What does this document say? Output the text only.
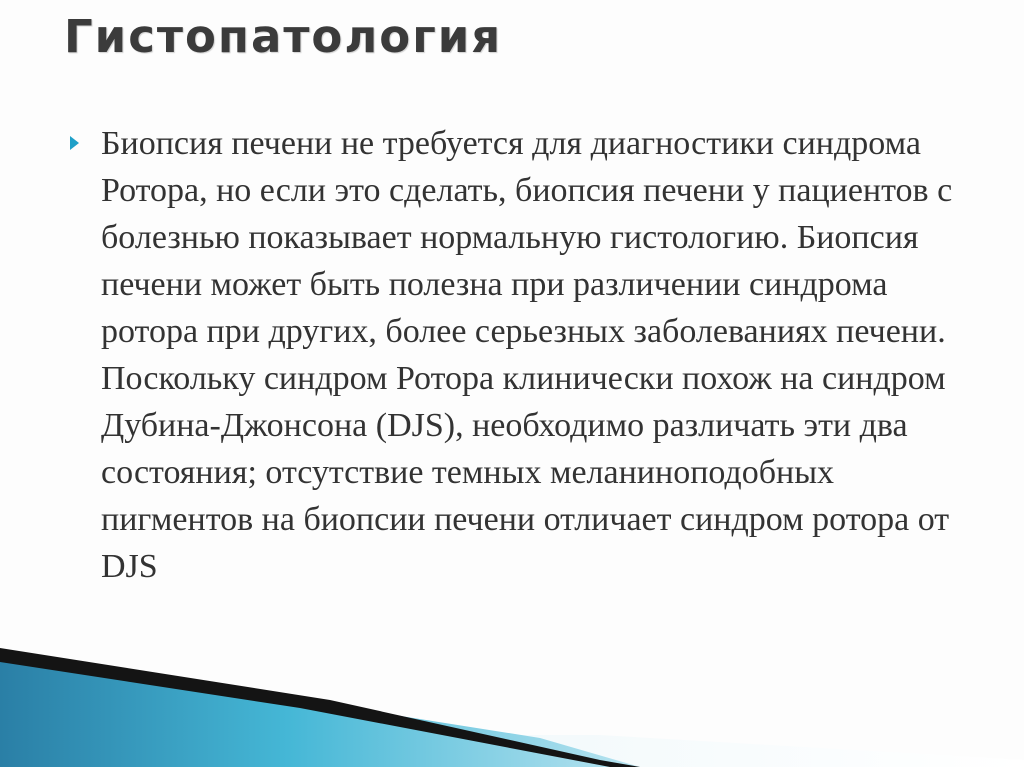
Гистопатология
Биопсия печени не требуется для диагностики синдрома Ротора, но если это сделать, биопсия печени у пациентов с болезнью показывает нормальную гистологию. Биопсия печени может быть полезна при различении синдрома ротора при других, более серьезных заболеваниях печени. Поскольку синдром Ротора клинически похож на синдром Дубина-Джонсона (DJS), необходимо различать эти два состояния; отсутствие темных меланиноподобных пигментов на биопсии печени отличает синдром ротора от DJS
